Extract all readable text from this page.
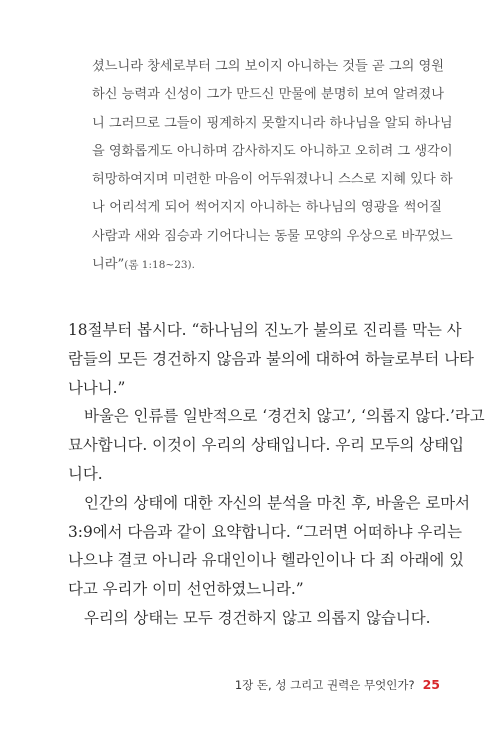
셨느니라 창세로부터 그의 보이지 아니하는 것들 곧 그의 영원
하신 능력과 신성이 그가 만드신 만물에 분명히 보여 알려졌나
니 그러므로 그들이 핑계하지 못할지니라 하나님을 알되 하나님
을 영화롭게도 아니하며 감사하지도 아니하고 오히려 그 생각이
허망하여지며 미련한 마음이 어두워졌나니 스스로 지혜 있다 하
나 어리석게 되어 썩어지지 아니하는 하나님의 영광을 썩어질
사람과 새와 짐승과 기어다니는 동물 모양의 우상으로 바꾸었느
니라”(롬 1:18~23).
18절부터 봅시다. “하나님의 진노가 불의로 진리를 막는 사
람들의 모든 경건하지 않음과 불의에 대하여 하늘로부터 나타
나나니.”
바울은 인류를 일반적으로 ‘경건치 않고’, ‘의롭지 않다.’라고
묘사합니다. 이것이 우리의 상태입니다. 우리 모두의 상태입
니다.
인간의 상태에 대한 자신의 분석을 마친 후, 바울은 로마서
3:9에서 다음과 같이 요약합니다. “그러면 어떠하냐 우리는
나으냐 결코 아니라 유대인이나 헬라인이나 다 죄 아래에 있
다고 우리가 이미 선언하였느니라.”
우리의 상태는 모두 경건하지 않고 의롭지 않습니다.
1장 돈, 성 그리고 권력은 무엇인가? 25
